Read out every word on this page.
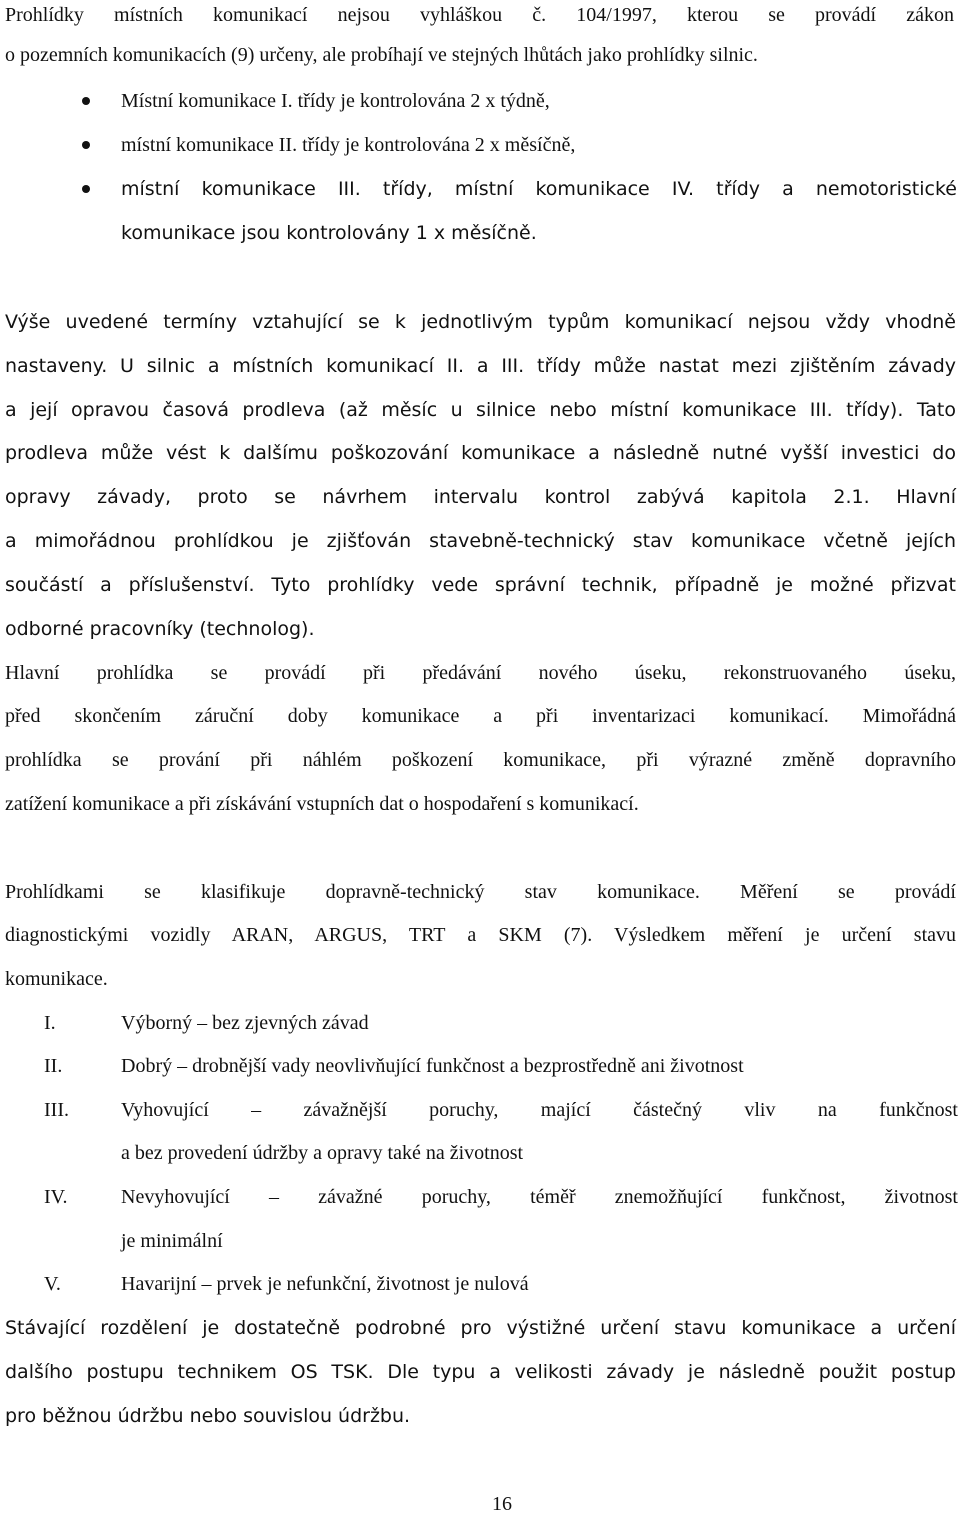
Prohlídky místních komunikací nejsou vyhláškou č. 104/1997, kterou se provádí zákon
o pozemních komunikacích (9) určeny, ale probíhají ve stejných lhůtách jako prohlídky silnic.
Místní komunikace I. třídy je kontrolována 2 x týdně,
místní komunikace II. třídy je kontrolována 2 x měsíčně,
místní komunikace III. třídy, místní komunikace IV. třídy a nemotoristické
komunikace jsou kontrolovány 1 x měsíčně.
Výše uvedené termíny vztahující se k jednotlivým typům komunikací nejsou vždy vhodně
nastaveny. U silnic a místních komunikací II. a III. třídy může nastat mezi zjištěním závady
a její opravou časová prodleva (až měsíc u silnice nebo místní komunikace III. třídy). Tato
prodleva může vést k dalšímu poškozování komunikace a následně nutné vyšší investici do
opravy závady, proto se návrhem intervalu kontrol zabývá kapitola 2.1. Hlavní
a mimořádnou prohlídkou je zjišťován stavebně-technický stav komunikace včetně jejích
součástí a příslušenství. Tyto prohlídky vede správní technik, případně je možné přizvat
odborné pracovníky (technolog).
Hlavní prohlídka se provádí při předávání nového úseku, rekonstruovaného úseku,
před skončením záruční doby komunikace a při inventarizaci komunikací. Mimořádná
prohlídka se prování při náhlém poškození komunikace, při výrazné změně dopravního
zatížení komunikace a při získávání vstupních dat o hospodaření s komunikací.
Prohlídkami se klasifikuje dopravně-technický stav komunikace. Měření se provádí
diagnostickými vozidly ARAN, ARGUS, TRT a SKM (7). Výsledkem měření je určení stavu
komunikace.
I.	Výborný – bez zjevných závad
II.	Dobrý – drobnější vady neovlivňující funkčnost a bezprostředně ani životnost
III.	Vyhovující – závažnější poruchy, mající částečný vliv na funkčnost
a bez provedení údržby a opravy také na životnost
IV.	Nevyhovující – závažné poruchy, téměř znemožňující funkčnost, životnost
je minimální
V.	Havarijní – prvek je nefunkční, životnost je nulová
Stávající rozdělení je dostatečně podrobné pro výstižné určení stavu komunikace a určení
dalšího postupu technikem OS TSK. Dle typu a velikosti závady je následně použit postup
pro běžnou údržbu nebo souvislou údržbu.
16
